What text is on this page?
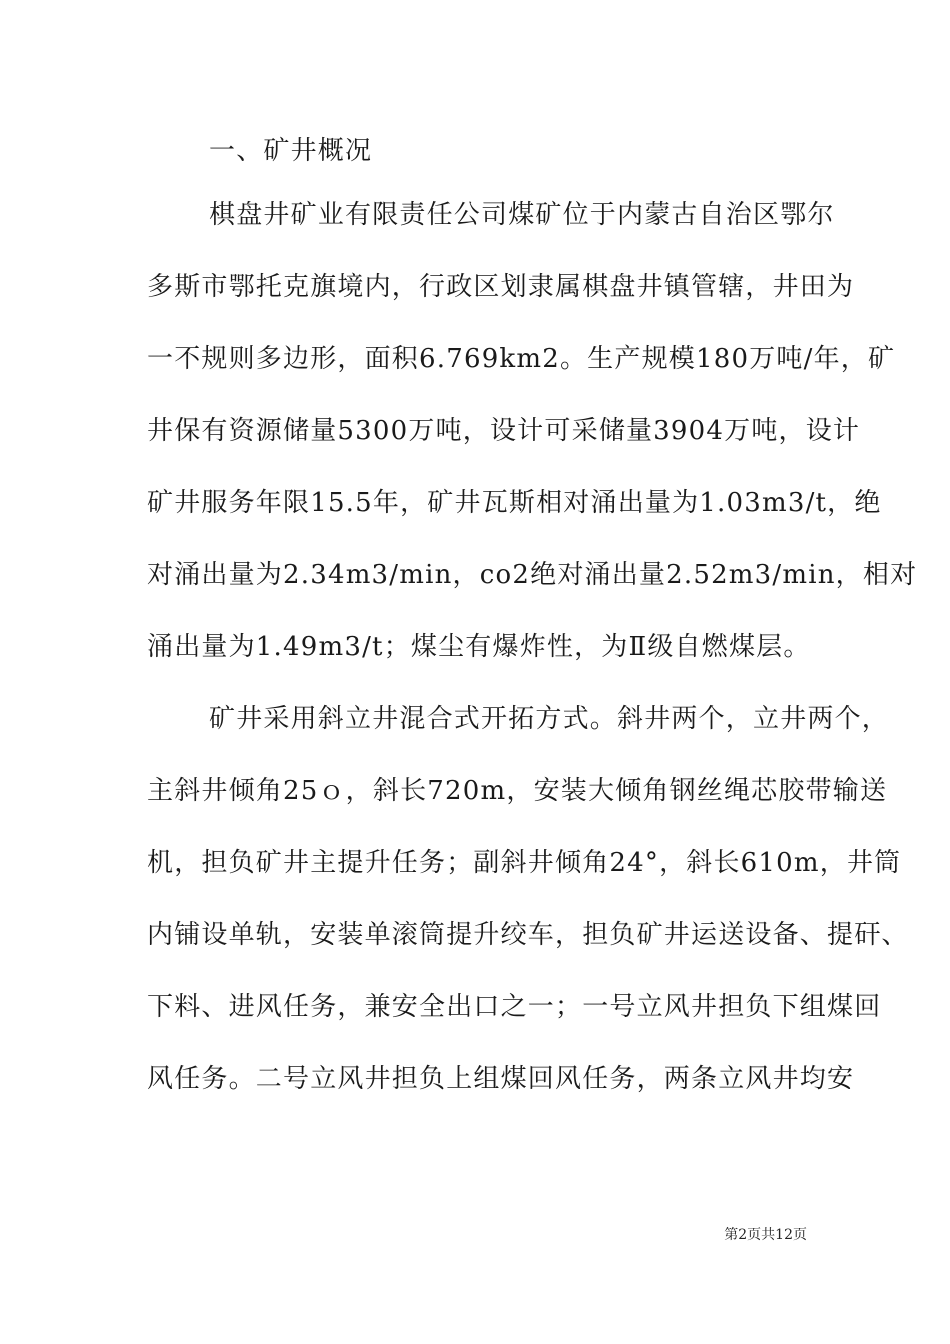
一、矿井概况
棋盘井矿业有限责任公司煤矿位于内蒙古自治区鄂尔
多斯市鄂托克旗境内，行政区划隶属棋盘井镇管辖，井田为
一不规则多边形，面积6.769km2。生产规模180万吨/年，矿
井保有资源储量5300万吨，设计可采储量3904万吨，设计
矿井服务年限15.5年，矿井瓦斯相对涌出量为1.03m3/t，绝
对涌出量为2.34m3/min，co2绝对涌出量2.52m3/min，相对
涌出量为1.49m3/t；煤尘有爆炸性，为Ⅱ级自燃煤层。
矿井采用斜立井混合式开拓方式。斜井两个，立井两个，
主斜井倾角25ｏ，斜长720m，安装大倾角钢丝绳芯胶带输送
机，担负矿井主提升任务；副斜井倾角24°，斜长610m，井筒
内铺设单轨，安装单滚筒提升绞车，担负矿井运送设备、提矸、
下料、进风任务，兼安全出口之一；一号立风井担负下组煤回
风任务。二号立风井担负上组煤回风任务，两条立风井均安
第2页共12页
